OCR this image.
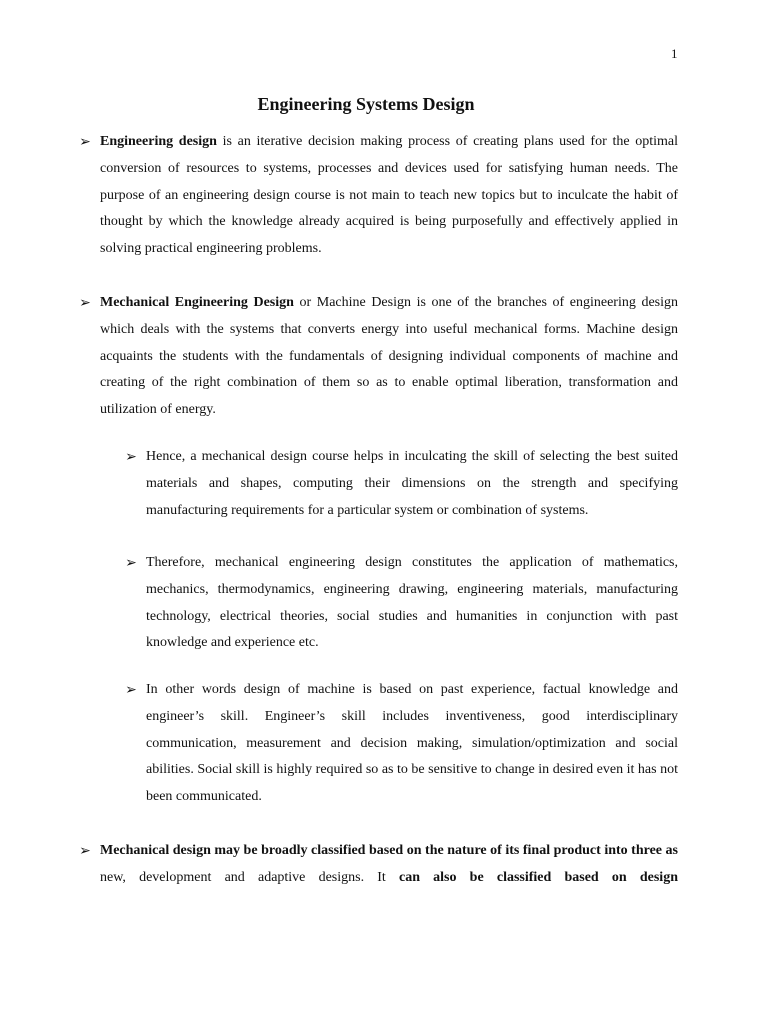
1
Engineering Systems Design
➢ Engineering design is an iterative decision making process of creating plans used for the optimal conversion of resources to systems, processes and devices used for satisfying human needs. The purpose of an engineering design course is not main to teach new topics but to inculcate the habit of thought by which the knowledge already acquired is being purposefully and effectively applied in solving practical engineering problems.

➢ Mechanical Engineering Design or Machine Design is one of the branches of engineering design which deals with the systems that converts energy into useful mechanical forms. Machine design acquaints the students with the fundamentals of designing individual components of machine and creating of the right combination of them so as to enable optimal liberation, transformation and utilization of energy.

➢ Hence, a mechanical design course helps in inculcating the skill of selecting the best suited materials and shapes, computing their dimensions on the strength and specifying manufacturing requirements for a particular system or combination of systems.

➢ Therefore, mechanical engineering design constitutes the application of mathematics, mechanics, thermodynamics, engineering drawing, engineering materials, manufacturing technology, electrical theories, social studies and humanities in conjunction with past knowledge and experience etc.

➢ In other words design of machine is based on past experience, factual knowledge and engineer’s skill. Engineer’s skill includes inventiveness, good interdisciplinary communication, measurement and decision making, simulation/optimization and social abilities. Social skill is highly required so as to be sensitive to change in desired even it has not been communicated.

➢ Mechanical design may be broadly classified based on the nature of its final product into three as new, development and adaptive designs. It can also be classified based on design
